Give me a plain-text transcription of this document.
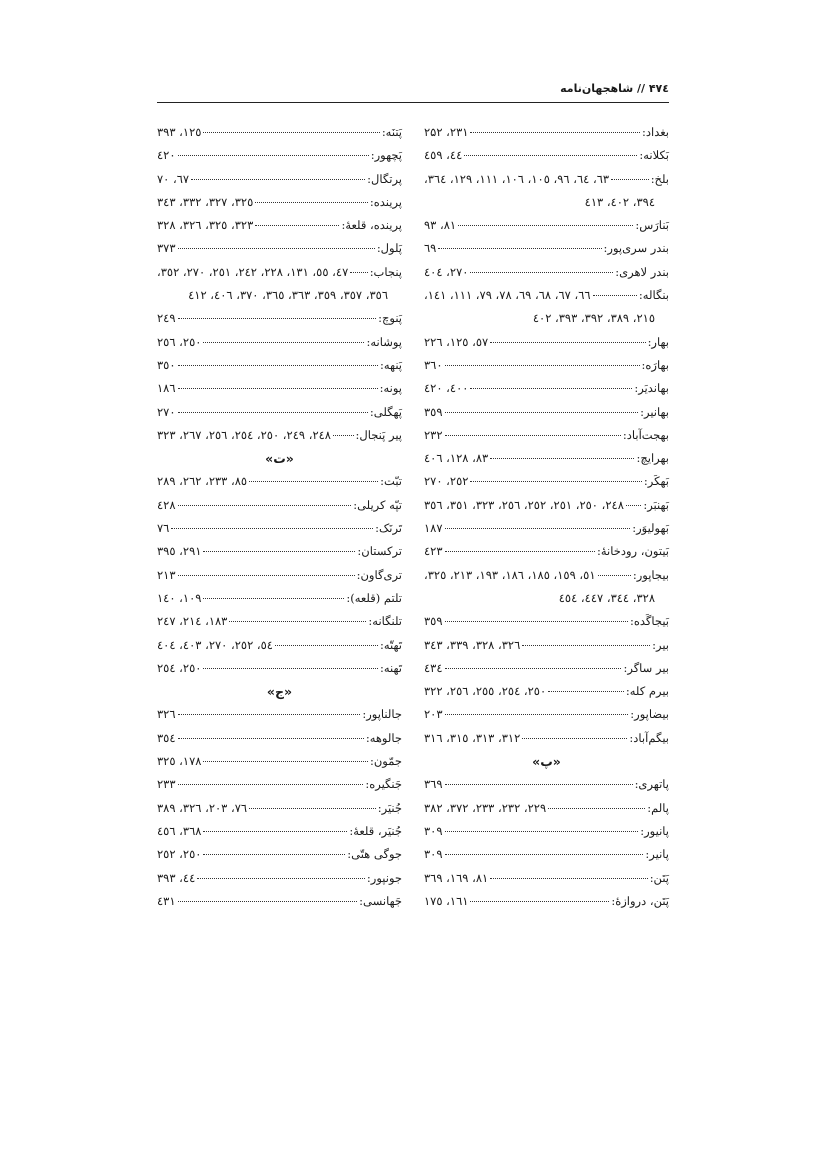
۴۷٤ // شاهجهان‌نامه
بغداد:
۲۳۱، ۲۵۲
بَکلانه:
٤٤، ٤٥٩
بلخ:
٦٣، ٦٤، ٩٦، ١٠٥، ١٠٦، ١١١، ١٢٩، ٣٦٤،
٣٩٤، ٤٠٢، ٤١٣
بَنارَس:
٨١، ٩٣
بندر سری‌پور:
٦٩
بندر لاهری:
٢٧٠، ٤٠٤
بنگاله:
٦٦، ٦٧، ٦٨، ٦٩، ٧٨، ٧٩، ١١١، ١٤١،
٢١٥، ٣٨٩، ٣٩٢، ٣٩٣، ٤٠٢
بهار:
٥٧، ١٢٥، ٢٢٦
بهارَه:
٣٦٠
بهاندیَر:
٤٠٠، ٤٢٠
بهانیر:
٣٥٩
بهجت‌آباد:
٢٣٢
بهرایچ:
٨٣، ١٢٨، ٤٠٦
بَهکَر:
٢٥٢، ٢٧٠
بَهنبَر:
٢٤٨، ٢٥٠، ٢٥١، ٢٥٢، ٢٥٦، ٣٢٣، ٣٥١، ٣٥٦
بَهولیوَر:
١٨٧
بَیتون، رودخانۀ:
٤٢٣
بیجاپور:
٥١، ١٥٩، ١٨٥، ١٨٦، ١٩٣، ٢١٣، ٣٢٥،
٣٢٨، ٣٤٤، ٤٤٧، ٤٥٤
بَیجاگَده:
٣٥٩
بیر:
٣٢٦، ٣٢٨، ٣٣٩، ٣٤٣
بیر ساگر:
٤٣٤
بیرم کله:
٢٥٠، ٢٥٤، ٢٥٥، ٢٥٦، ٣٢٢
بیضاپور:
٢٠٣
بیگم‌آباد:
٣١٢، ٣١٣، ٣١٥، ٣١٦
«پ»
پاتهری:
٣٦٩
پالم:
٢٢٩، ٢٣٢، ٢٣٣، ٣٧٢، ٣٨٢
پانیور:
٣٠٩
پانیر:
٣٠٩
پَتَن:
٨١، ١٦٩، ٣٦٩
پَتَن، دروازۀ:
١٦١، ١٧٥
پَتنَه:
١٢٥، ٣٩٣
پَچهور:
٤٢٠
پرتگال:
٦٧، ٧٠
پرینده:
٣٢٥، ٣٢٧، ٣٣٢، ٣٤٣
پرینده، قلعۀ:
٣٢٣، ٣٢٥، ٣٢٦، ٣٢٨
پَلول:
٣٧٣
پنجاب:
٤٧، ٥٥، ١٣١، ٢٢٨، ٢٤٢، ٢٥١، ٢٧٠، ٣٥٢،
٣٥٦، ٣٥٧، ٣٥٩، ٣٦٣، ٣٦٥، ٣٧٠، ٤٠٦، ٤١٢
پَنوچ:
٢٤٩
پوشانه:
٢٥٠، ٢٥٦
پَنهه:
٣٥٠
پونه:
١٨٦
پَهگلی:
٢٧٠
پیر پَنجال:
٢٤٨، ٢٤٩، ٢٥٠، ٢٥٤، ٢٥٦، ٢٦٧، ٣٢٣
«ت»
تبّت:
٨٥، ٢٣٣، ٢٦٢، ٢٨٩
تپّه کریلی:
٤٢٨
تَرنَک:
٧٦
ترکستان:
٢٩١، ٣٩٥
تری‌گاون:
٢١٣
تلتم (قلعه):
١٠٩، ١٤٠
تلنگانه:
١٨٣، ٢١٤، ٢٤٧
تَهتّه:
٥٤، ٢٥٢، ٢٧٠، ٤٠٣، ٤٠٤
تَهنه:
٢٥٠، ٢٥٤
«ج»
جالناپور:
٣٢٦
جالوهه:
٣٥٤
جمّون:
١٧٨، ٣٢٥
جَنگیره:
٢٣٣
جُنیَر:
٧٦، ٢٠٣، ٣٢٦، ٣٨٩
جُنیَر، قلعۀ:
٣٦٨، ٤٥٦
جوگی هتّی:
٢٥٠، ٢٥٢
جونپور:
٤٤، ٣٩٣
جَهانسی:
٤٣١
